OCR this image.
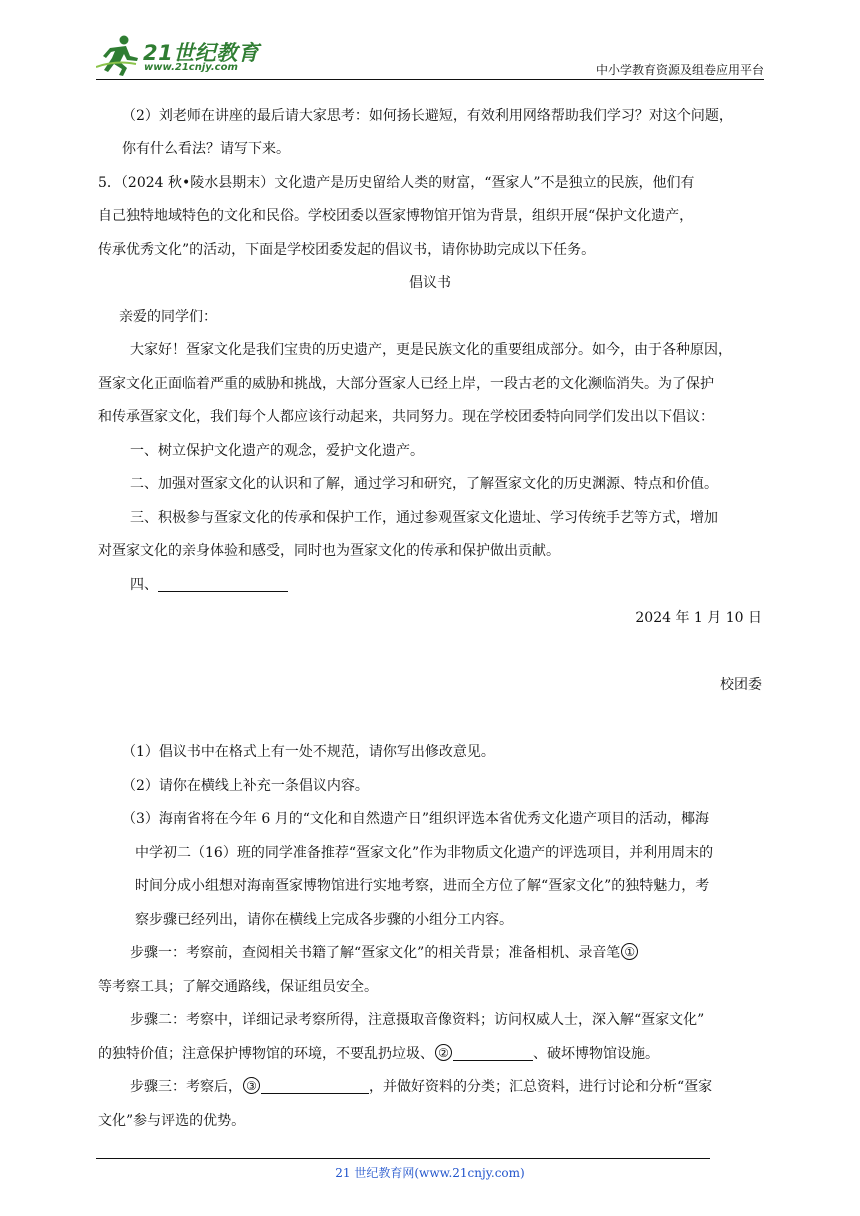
21世纪教育
www.21cnjy.com	中小学教育资源及组卷应用平台
（2）刘老师在讲座的最后请大家思考：如何扬长避短，有效利用网络帮助我们学习？对这个问题，
你有什么看法？请写下来。
5．（2024 秋•陵水县期末）文化遗产是历史留给人类的财富，“疍家人”不是独立的民族，他们有
自己独特地域特色的文化和民俗。学校团委以疍家博物馆开馆为背景，组织开展“保护文化遗产，
传承优秀文化”的活动，下面是学校团委发起的倡议书，请你协助完成以下任务。
倡议书
亲爱的同学们：
大家好！疍家文化是我们宝贵的历史遗产，更是民族文化的重要组成部分。如今，由于各种原因，
疍家文化正面临着严重的威胁和挑战，大部分疍家人已经上岸，一段古老的文化濒临消失。为了保护
和传承疍家文化，我们每个人都应该行动起来，共同努力。现在学校团委特向同学们发出以下倡议：
一、树立保护文化遗产的观念，爱护文化遗产。
二、加强对疍家文化的认识和了解，通过学习和研究，了解疍家文化的历史渊源、特点和价值。
三、积极参与疍家文化的传承和保护工作，通过参观疍家文化遗址、学习传统手艺等方式，增加
对疍家文化的亲身体验和感受，同时也为疍家文化的传承和保护做出贡献。
四、
2024 年 1 月 10 日
校团委
（1）倡议书中在格式上有一处不规范，请你写出修改意见。
（2）请你在横线上补充一条倡议内容。
（3）海南省将在今年 6 月的“文化和自然遗产日”组织评选本省优秀文化遗产项目的活动，椰海
中学初二（16）班的同学准备推荐“疍家文化”作为非物质文化遗产的评选项目，并利用周末的
时间分成小组想对海南疍家博物馆进行实地考察，进而全方位了解“疍家文化”的独特魅力，考
察步骤已经列出，请你在横线上完成各步骤的小组分工内容。
步骤一：考察前，查阅相关书籍了解“疍家文化”的相关背景；准备相机、录音笔 ①
等考察工具；了解交通路线，保证组员安全。
步骤二：考察中，详细记录考察所得，注意摄取音像资料；访问权威人士，深入解“疍家文化”
的独特价值；注意保护博物馆的环境，不要乱扔垃圾、 ②	、破坏博物馆设施。
步骤三：考察后， ③	，并做好资料的分类；汇总资料，进行讨论和分析“疍家
文化”参与评选的优势。
21 世纪教育网(www.21cnjy.com)
